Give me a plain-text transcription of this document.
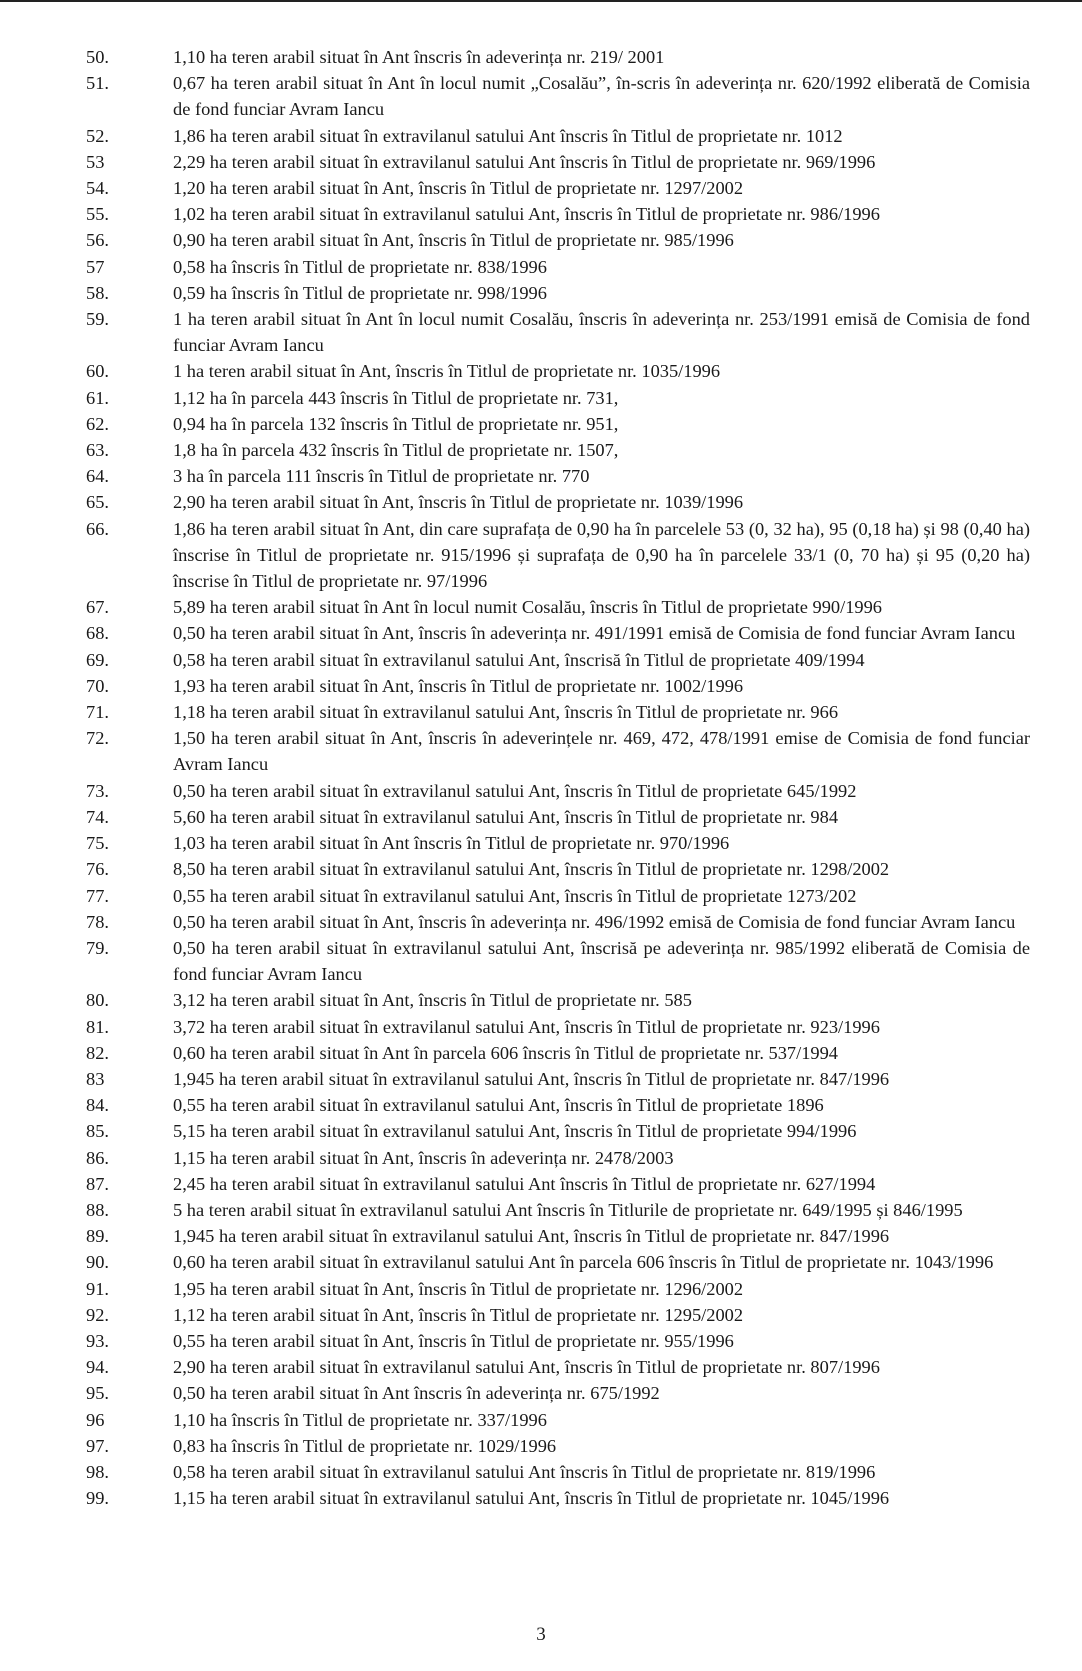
50.	1,10 ha teren arabil situat în Ant înscris în adeverința nr. 219/ 2001
51.	0,67 ha teren arabil situat în Ant în locul numit „Cosalău”, în-scris în adeverința nr. 620/1992 eliberată de Comisia de fond funciar Avram Iancu
52.	1,86 ha teren arabil situat în extravilanul satului Ant înscris în Titlul de proprietate nr. 1012
53	2,29 ha teren arabil situat în extravilanul satului Ant înscris în Titlul de proprietate nr. 969/1996
54.	1,20 ha teren arabil situat în Ant, înscris în Titlul de proprietate nr. 1297/2002
55.	1,02 ha teren arabil situat în extravilanul satului Ant, înscris în Titlul de proprietate nr. 986/1996
56.	0,90 ha teren arabil situat în Ant, înscris în Titlul de proprietate nr. 985/1996
57	0,58 ha înscris în Titlul de proprietate nr. 838/1996
58.	0,59 ha înscris în Titlul de proprietate nr. 998/1996
59.	1 ha teren arabil situat în Ant în locul numit Cosalău, înscris în adeverința nr. 253/1991 emisă de Comisia de fond funciar Avram Iancu
60.	1 ha teren arabil situat în Ant, înscris în Titlul de proprietate nr. 1035/1996
61.	1,12 ha în parcela 443 înscris în Titlul de proprietate nr. 731,
62.	0,94 ha în parcela 132 înscris în Titlul de proprietate nr. 951,
63.	1,8 ha în parcela 432 înscris în Titlul de proprietate nr. 1507,
64.	3 ha în parcela 111 înscris în Titlul de proprietate nr. 770
65.	2,90 ha teren arabil situat în Ant, înscris în Titlul de proprietate nr. 1039/1996
66.	1,86 ha teren arabil situat în Ant, din care suprafața de 0,90 ha în parcelele 53 (0, 32 ha), 95 (0,18 ha) și 98 (0,40 ha) înscrise în Titlul de proprietate nr. 915/1996 și suprafața de 0,90 ha în parcelele 33/1 (0, 70 ha) și 95 (0,20 ha) înscrise în Titlul de proprietate nr. 97/1996
67.	5,89 ha teren arabil situat în Ant în locul numit Cosalău, înscris în Titlul de proprietate 990/1996
68.	0,50 ha teren arabil situat în Ant, înscris în adeverința nr. 491/1991 emisă de Comisia de fond funciar Avram Iancu
69.	0,58 ha teren arabil situat în extravilanul satului Ant, înscrisă în Titlul de proprietate 409/1994
70.	1,93 ha teren arabil situat în Ant, înscris în Titlul de proprietate nr. 1002/1996
71.	1,18 ha teren arabil situat în extravilanul satului Ant, înscris în Titlul de proprietate nr. 966
72.	1,50 ha teren arabil situat în Ant, înscris în adeverințele nr. 469, 472, 478/1991 emise de Comisia de fond funciar Avram Iancu
73.	0,50 ha teren arabil situat în extravilanul satului Ant, înscris în Titlul de proprietate 645/1992
74.	5,60 ha teren arabil situat în extravilanul satului Ant, înscris în Titlul de proprietate nr. 984
75.	1,03 ha teren arabil situat în Ant înscris în Titlul de proprietate nr. 970/1996
76.	8,50 ha teren arabil situat în extravilanul satului Ant, înscris în Titlul de proprietate nr. 1298/2002
77.	0,55 ha teren arabil situat în extravilanul satului Ant, înscris în Titlul de proprietate 1273/202
78.	0,50 ha teren arabil situat în Ant, înscris în adeverința nr. 496/1992 emisă de Comisia de fond funciar Avram Iancu
79.	0,50 ha teren arabil situat în extravilanul satului Ant, înscrisă pe adeverința nr. 985/1992 eliberată de Comisia de fond funciar Avram Iancu
80.	3,12 ha teren arabil situat în Ant, înscris în Titlul de proprietate nr. 585
81.	3,72 ha teren arabil situat în extravilanul satului Ant, înscris în Titlul de proprietate nr. 923/1996
82.	0,60 ha teren arabil situat în Ant în parcela 606 înscris în Titlul de proprietate nr. 537/1994
83	1,945 ha teren arabil situat în extravilanul satului Ant, înscris în Titlul de proprietate nr. 847/1996
84.	0,55 ha teren arabil situat în extravilanul satului Ant, înscris în Titlul de proprietate 1896
85.	5,15 ha teren arabil situat în extravilanul satului Ant, înscris în Titlul de proprietate 994/1996
86.	1,15 ha teren arabil situat în Ant, înscris în adeverința nr. 2478/2003
87.	2,45 ha teren arabil situat în extravilanul satului Ant înscris în Titlul de proprietate nr. 627/1994
88.	5 ha teren arabil situat în extravilanul satului Ant înscris în Titlurile de proprietate nr. 649/1995 și 846/1995
89.	1,945 ha teren arabil situat în extravilanul satului Ant, înscris în Titlul de proprietate nr. 847/1996
90.	0,60 ha teren arabil situat în extravilanul satului Ant în parcela 606 înscris în Titlul de proprietate nr. 1043/1996
91.	1,95 ha teren arabil situat în Ant, înscris în Titlul de proprietate nr. 1296/2002
92.	1,12 ha teren arabil situat în Ant, înscris în Titlul de proprietate nr. 1295/2002
93.	0,55 ha teren arabil situat în Ant, înscris în Titlul de proprietate nr. 955/1996
94.	2,90 ha teren arabil situat în extravilanul satului Ant, înscris în Titlul de proprietate nr. 807/1996
95.	0,50 ha teren arabil situat în Ant înscris în adeverința nr. 675/1992
96	1,10 ha înscris în Titlul de proprietate nr. 337/1996
97.	0,83 ha înscris în Titlul de proprietate nr. 1029/1996
98.	0,58 ha teren arabil situat în extravilanul satului Ant înscris în Titlul de proprietate nr. 819/1996
99.	1,15 ha teren arabil situat în extravilanul satului Ant, înscris în Titlul de proprietate nr. 1045/1996
3
